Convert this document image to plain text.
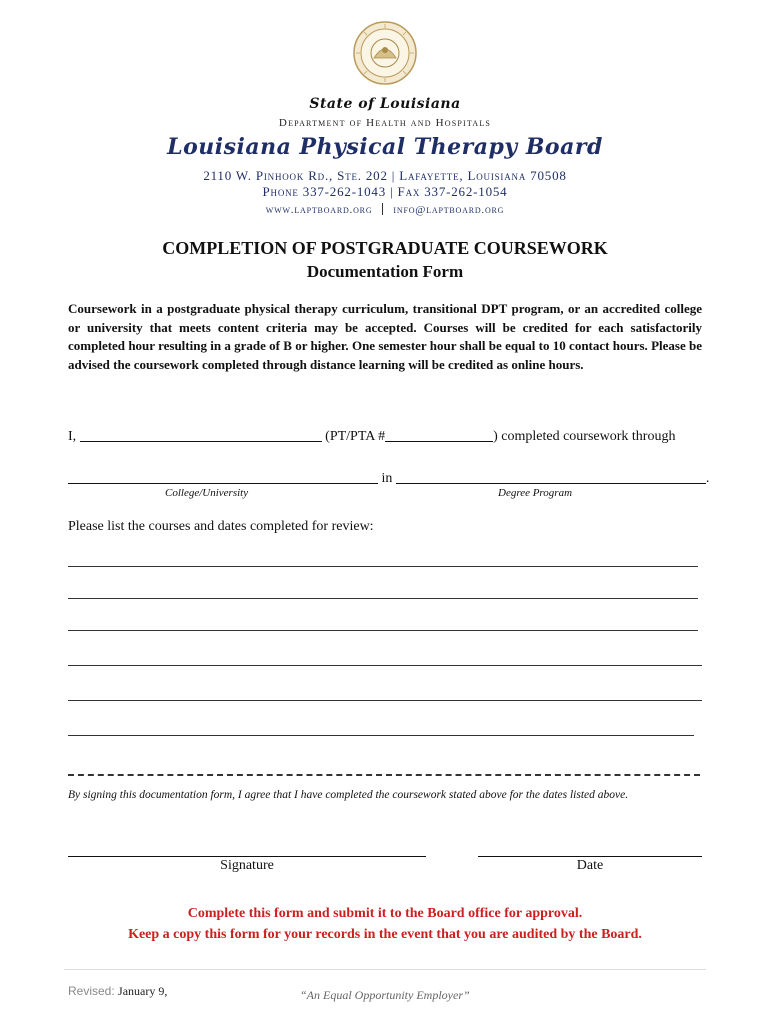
State of Louisiana
Department of Health and Hospitals
Louisiana Physical Therapy Board
2110 W. Pinhook Rd., Ste. 202 | Lafayette, Louisiana 70508
Phone 337-262-1043 | Fax 337-262-1054
www.laptboard.org info@laptboard.org
COMPLETION OF POSTGRADUATE COURSEWORK
Documentation Form
Coursework in a postgraduate physical therapy curriculum, transitional DPT program, or an accredited college or university that meets content criteria may be accepted. Courses will be credited for each satisfactorily completed hour resulting in a grade of B or higher. One semester hour shall be equal to 10 contact hours. Please be advised the coursework completed through distance learning will be credited as online hours.
I,	(PT/PTA #	) completed coursework through
in	.
College/University	Degree Program
Please list the courses and dates completed for review:
By signing this documentation form, I agree that I have completed the coursework stated above for the dates listed above.
Signature	Date
Complete this form and submit it to the Board office for approval.
Keep a copy this form for your records in the event that you are audited by the Board.
Revised: January 9,	“An Equal Opportunity Employer”
